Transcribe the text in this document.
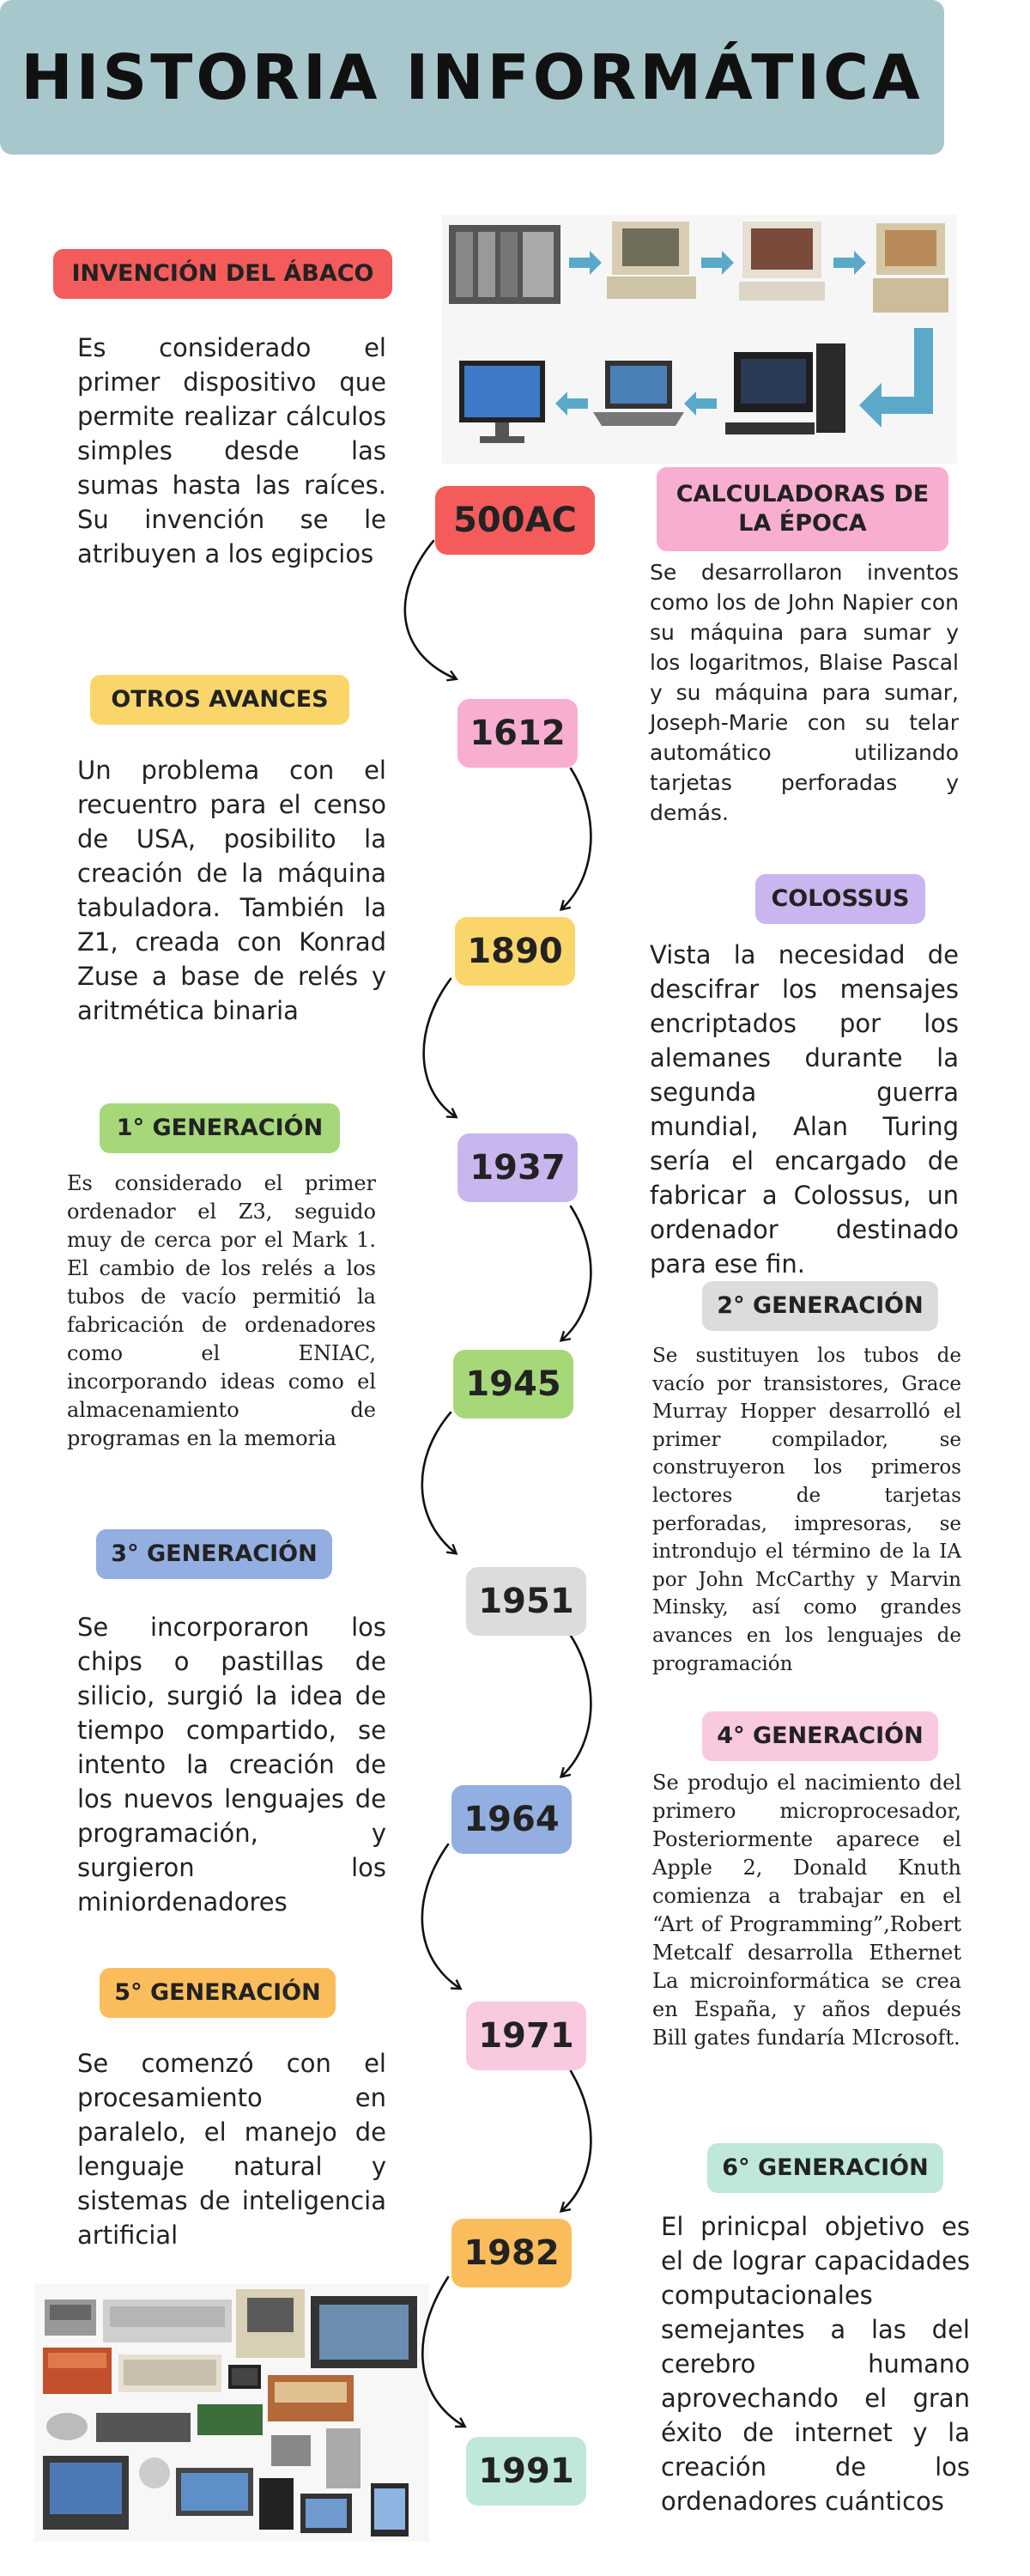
HISTORIA INFORMÁTICA
500AC
1612
1890
1937
1945
1951
1964
1971
1982
1991
INVENCIÓN DEL ÁBACO
CALCULADORAS DE LA ÉPOCA
OTROS AVANCES
COLOSSUS
1° GENERACIÓN
2° GENERACIÓN
3° GENERACIÓN
4° GENERACIÓN
5° GENERACIÓN
6° GENERACIÓN

Es considerado el primer dispositivo que permite realizar cálculos simples desde las sumas hasta las raíces. Su invención se le atribuyen a los egipcios

Se desarrollaron inventos como los de John Napier con su máquina para sumar y los logaritmos, Blaise Pascal y su máquina para sumar, Joseph-Marie con su telar automático utilizando tarjetas perforadas y demás.

Un problema con el recuentro para el censo de USA, posibilito la creación de la máquina tabuladora. También la Z1, creada con Konrad Zuse a base de relés y aritmética binaria

Vista la necesidad de descifrar los mensajes encriptados por los alemanes durante la segunda guerra mundial, Alan Turing sería el encargado de fabricar a Colossus, un ordenador destinado para ese fin.

Es considerado el primer ordenador el Z3, seguido muy de cerca por el Mark 1. El cambio de los relés a los tubos de vacío permitió la fabricación de ordenadores como el ENIAC, incorporando ideas como el almacenamiento de programas en la memoria

Se sustituyen los tubos de vacío por transistores, Grace Murray Hopper desarrolló el primer compilador, se construyeron los primeros lectores de tarjetas perforadas, impresoras, se introndujo el término de la IA por John McCarthy y Marvin Minsky, así como grandes avances en los lenguajes de programación

Se incorporaron los chips o pastillas de silicio, surgió la idea de tiempo compartido, se intento la creación de los nuevos lenguajes de programación, y surgieron los miniordenadores

Se produjo el nacimiento del primero microprocesador, Posteriormente aparece el Apple 2, Donald Knuth comienza a trabajar en el “Art of Programming”,Robert Metcalf desarrolla Ethernet La microinformática se crea en España, y años depués Bill gates fundaría MIcrosoft.

Se comenzó con el procesamiento en paralelo, el manejo de lenguaje natural y sistemas de inteligencia artificial	El prinicpal objetivo es el de lograr capacidades computacionales semejantes a las del cerebro humano aprovechando el gran éxito de internet y la creación de los ordenadores cuánticos
